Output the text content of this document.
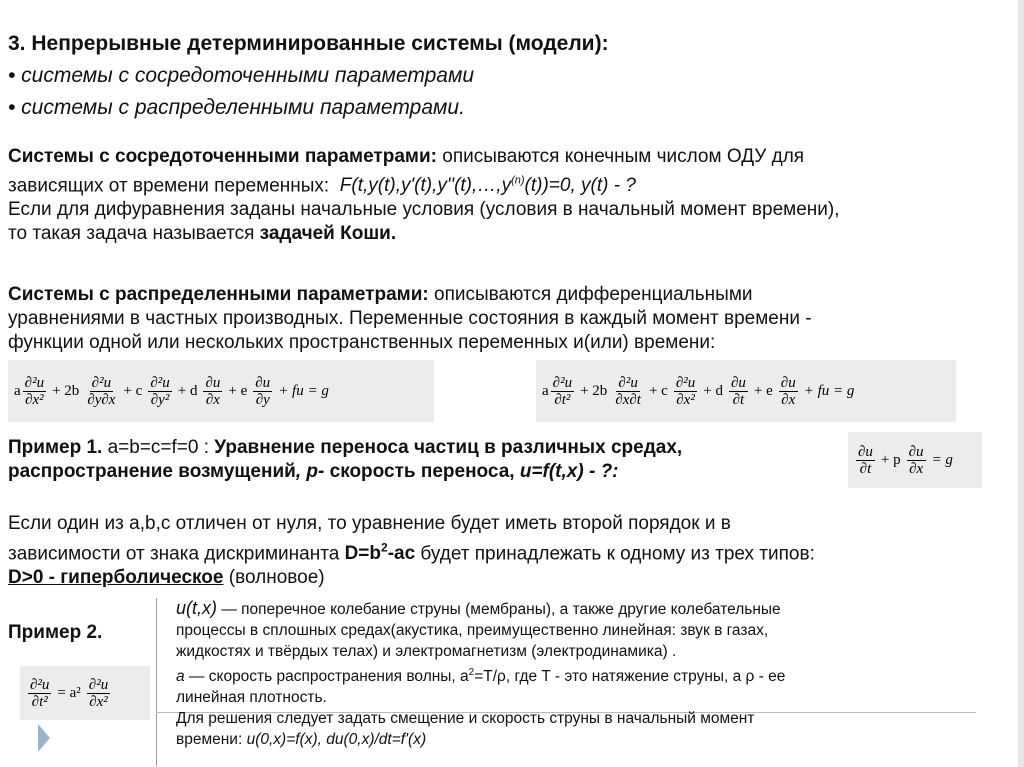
3. Непрерывные детерминированные системы (модели):
• системы с сосредоточенными параметрами
• системы с распределенными параметрами.
Системы с сосредоточенными параметрами: описываются конечным числом ОДУ для
зависящих от времени переменных: $F(t,y(t),y'(t),y''(t),\dots,y^{(n)}(t))=0$, y(t) - ?
Если для дифуравнения заданы начальные условия (условия в начальный момент времени),
то такая задача называется задачей Коши.
Системы с распределенными параметрами: описываются дифференциальными
уравнениями в частных производных. Переменные состояния в каждый момент времени -
функции одной или нескольких пространственных переменных и(или) времени:
a $\frac{\text{∂²u}}{\text{∂x²}} + 2b \frac{\text{∂²u}}{\partial y\partial x} + c \frac{\text{∂²u}}{\text{∂y²}} + d \frac{\partial u}{\partial x} + e \frac{\partial u}{\partial y}$ + fu = g	a $\frac{\text{∂²u}}{\text{∂t²}} + 2b \frac{\text{∂²u}}{\partial x\partial t} + c \frac{\text{∂²u}}{\text{∂x²}} + d \frac{\partial u}{\partial t} + e \frac{\partial u}{\partial x}$ + fu = g
Пример 1. a=b=c=f=0 : Уравнение переноса частиц в различных средах,
распространение возмущений, p- скорость переноса, u=f(t,x) - ?:	$\frac{\partial u}{\partial t} + p \frac{\partial u}{\partial x} = g$
Если один из a,b,c отличен от нуля, то уравнение будет иметь второй порядок и в
зависимости от знака дискриминанта $D=b^2-ac$ будет принадлежать к одному из трех типов:
D>0 - гиперболическое (волновое)
Пример 2.
$\frac{\text{∂²u}}{\text{∂t²}} = a^2 \frac{\text{∂²u}}{\text{∂x²}}$
u(t,x) — поперечное колебание струны (мембраны), а также другие колебательные
процессы в сплошных средах(акустика, преимущественно линейная: звук в газах,
жидкостях и твёрдых телах) и электромагнетизм (электродинамика) .
a — скорость распространения волны, $a^2=T/\rho$, где T - это натяжение струны, a ρ - ее
линейная плотность.
Для решения следует задать смещение и скорость струны в начальный момент
времени: u(0,x)=f(x), du(0,x)/dt=f'(x)
